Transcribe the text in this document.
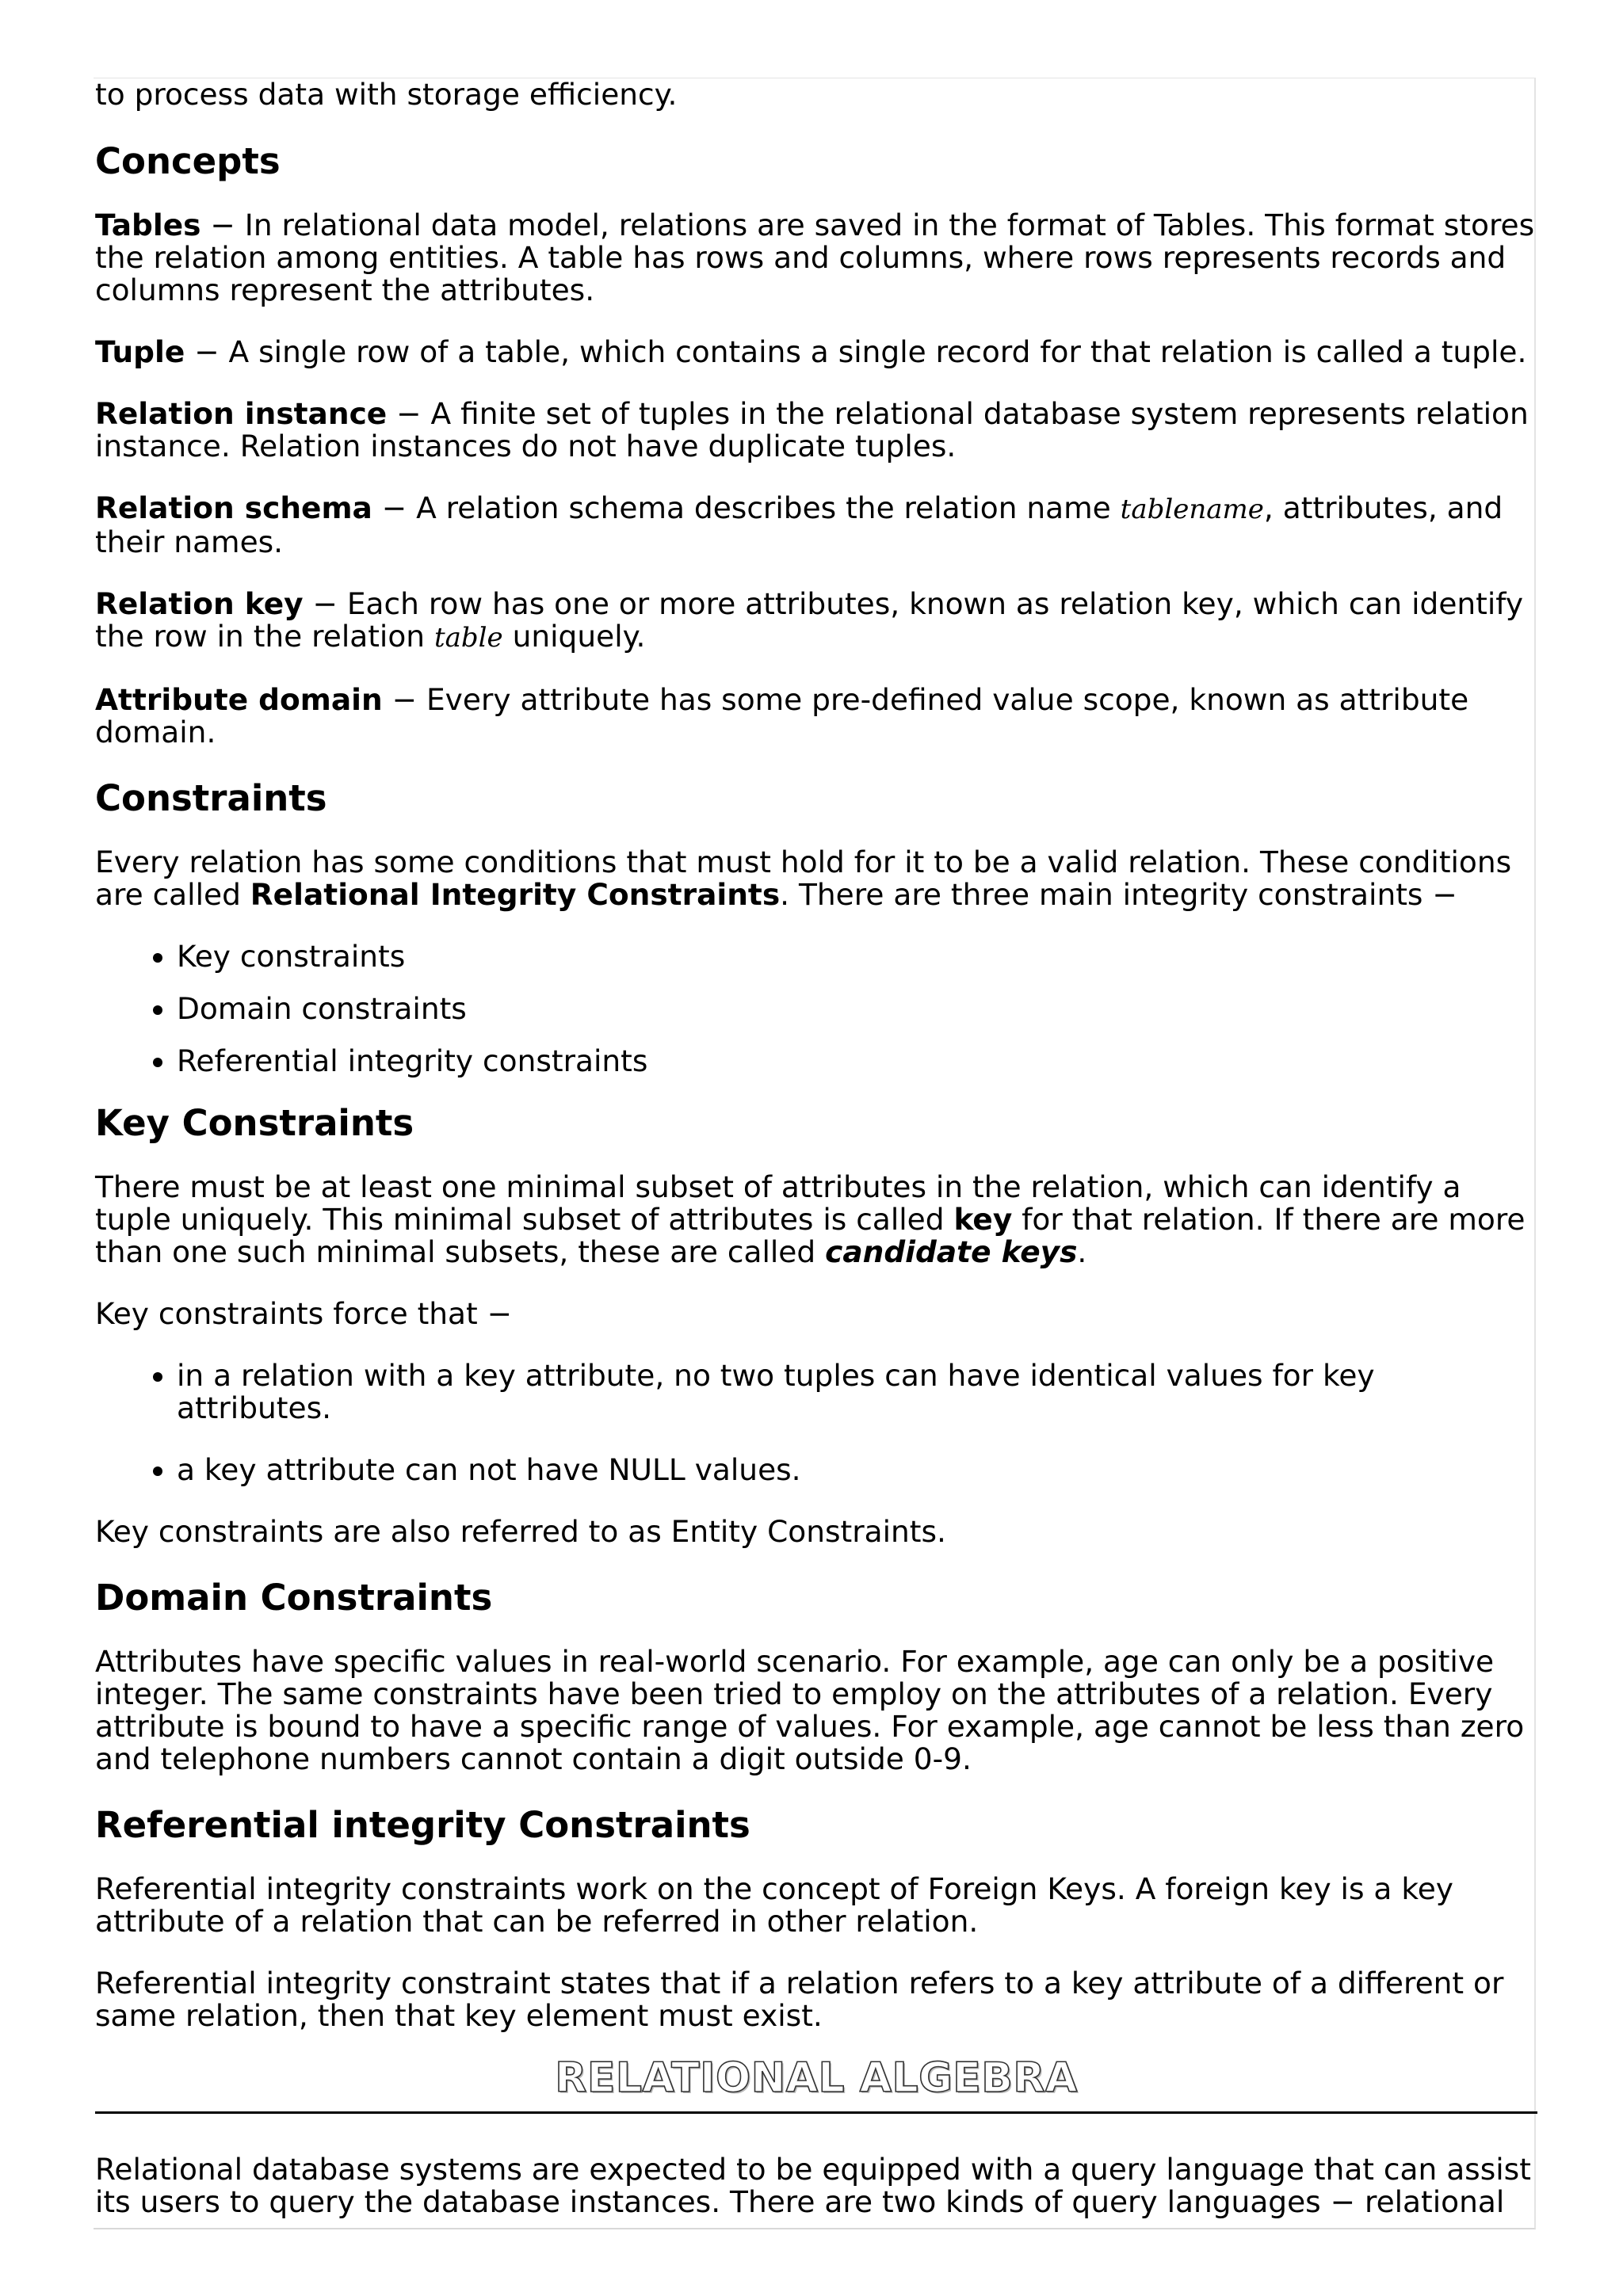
to process data with storage efficiency.

Concepts

Tables − In relational data model, relations are saved in the format of Tables. This format stores the relation among entities. A table has rows and columns, where rows represents records and columns represent the attributes.

Tuple − A single row of a table, which contains a single record for that relation is called a tuple.

Relation instance − A finite set of tuples in the relational database system represents relation instance. Relation instances do not have duplicate tuples.

Relation schema − A relation schema describes the relation name tablename, attributes, and their names.

Relation key − Each row has one or more attributes, known as relation key, which can identify the row in the relation table uniquely.

Attribute domain − Every attribute has some pre-defined value scope, known as attribute domain.

Constraints

Every relation has some conditions that must hold for it to be a valid relation. These conditions are called Relational Integrity Constraints. There are three main integrity constraints −

• Key constraints
• Domain constraints
• Referential integrity constraints
Key Constraints

There must be at least one minimal subset of attributes in the relation, which can identify a tuple uniquely. This minimal subset of attributes is called key for that relation. If there are more than one such minimal subsets, these are called candidate keys.

Key constraints force that −

• in a relation with a key attribute, no two tuples can have identical values for key attributes.
• a key attribute can not have NULL values.

Key constraints are also referred to as Entity Constraints.

Domain Constraints

Attributes have specific values in real-world scenario. For example, age can only be a positive integer. The same constraints have been tried to employ on the attributes of a relation. Every attribute is bound to have a specific range of values. For example, age cannot be less than zero and telephone numbers cannot contain a digit outside 0-9.

Referential integrity Constraints

Referential integrity constraints work on the concept of Foreign Keys. A foreign key is a key attribute of a relation that can be referred in other relation.

Referential integrity constraint states that if a relation refers to a key attribute of a different or same relation, then that key element must exist.

RELATIONAL ALGEBRA

Relational database systems are expected to be equipped with a query language that can assist its users to query the database instances. There are two kinds of query languages − relational
